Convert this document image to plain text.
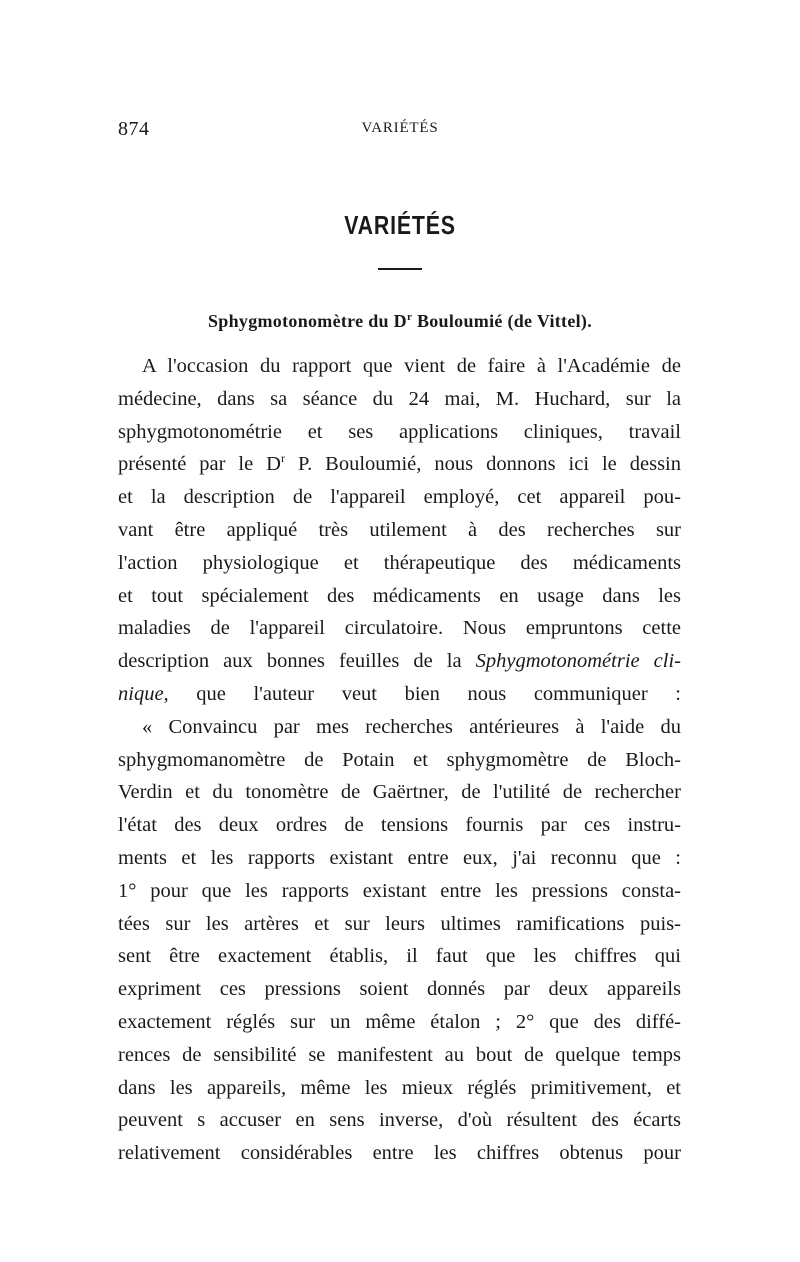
874	VARIÉTÉS
VARIÉTÉS
Sphygmotonomètre du $D^r$ Bouloumié (de Vittel).
A l'occasion du rapport que vient de faire à l'Académie de
médecine, dans sa séance du 24 mai, M. Huchard, sur la
sphygmotonométrie et ses applications cliniques, travail
présenté par le $D^r$ P. Bouloumié, nous donnons ici le dessin
et la description de l'appareil employé, cet appareil pou-
vant être appliqué très utilement à des recherches sur
l'action physiologique et thérapeutique des médicaments
et tout spécialement des médicaments en usage dans les
maladies de l'appareil circulatoire. Nous empruntons cette
description aux bonnes feuilles de la Sphygmotonométrie cli-
nique, que l'auteur veut bien nous communiquer :
« Convaincu par mes recherches antérieures à l'aide du
sphygmomanomètre de Potain et sphygmomètre de Bloch-
Verdin et du tonomètre de Gaërtner, de l'utilité de rechercher
l'état des deux ordres de tensions fournis par ces instru-
ments et les rapports existant entre eux, j'ai reconnu que :
1° pour que les rapports existant entre les pressions consta-
tées sur les artères et sur leurs ultimes ramifications puis-
sent être exactement établis, il faut que les chiffres qui
expriment ces pressions soient donnés par deux appareils
exactement réglés sur un même étalon ; 2° que des diffé-
rences de sensibilité se manifestent au bout de quelque temps
dans les appareils, même les mieux réglés primitivement, et
peuvent s accuser en sens inverse, d'où résultent des écarts
relativement considérables entre les chiffres obtenus pour
